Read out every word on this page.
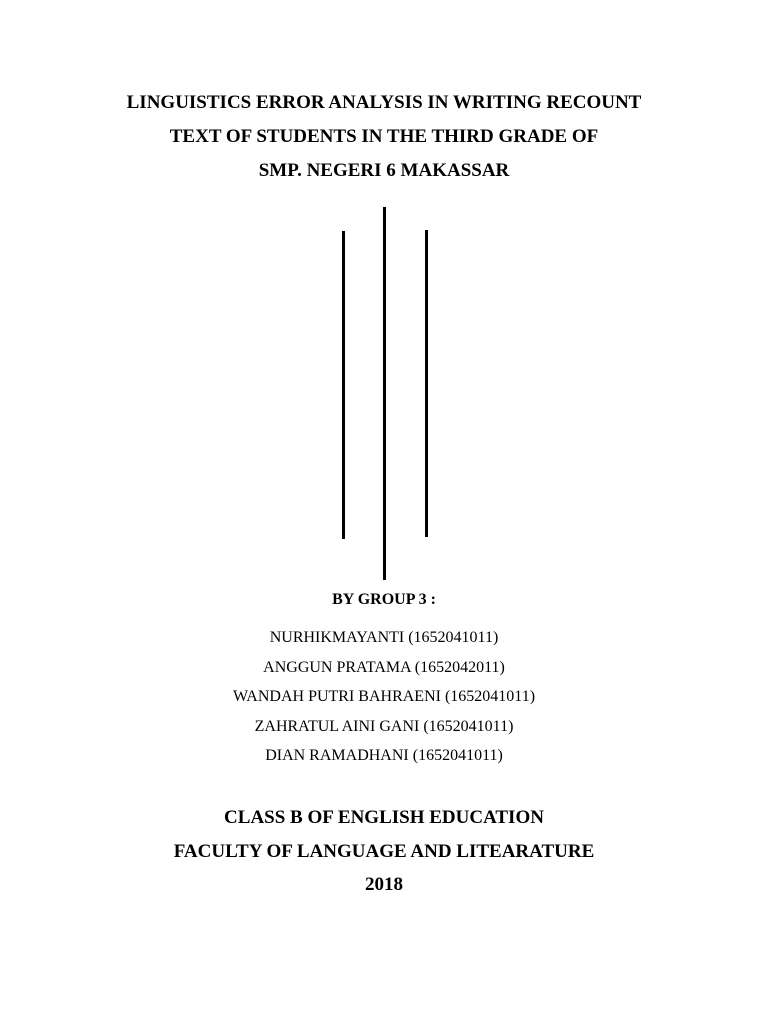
LINGUISTICS ERROR ANALYSIS IN WRITING RECOUNT
TEXT OF STUDENTS IN THE THIRD GRADE OF
SMP. NEGERI 6 MAKASSAR
BY GROUP 3 :
NURHIKMAYANTI (1652041011)
ANGGUN PRATAMA (1652042011)
WANDAH PUTRI BAHRAENI (1652041011)
ZAHRATUL AINI GANI (1652041011)
DIAN RAMADHANI (1652041011)
CLASS B OF ENGLISH EDUCATION
FACULTY OF LANGUAGE AND LITEARATURE
2018
